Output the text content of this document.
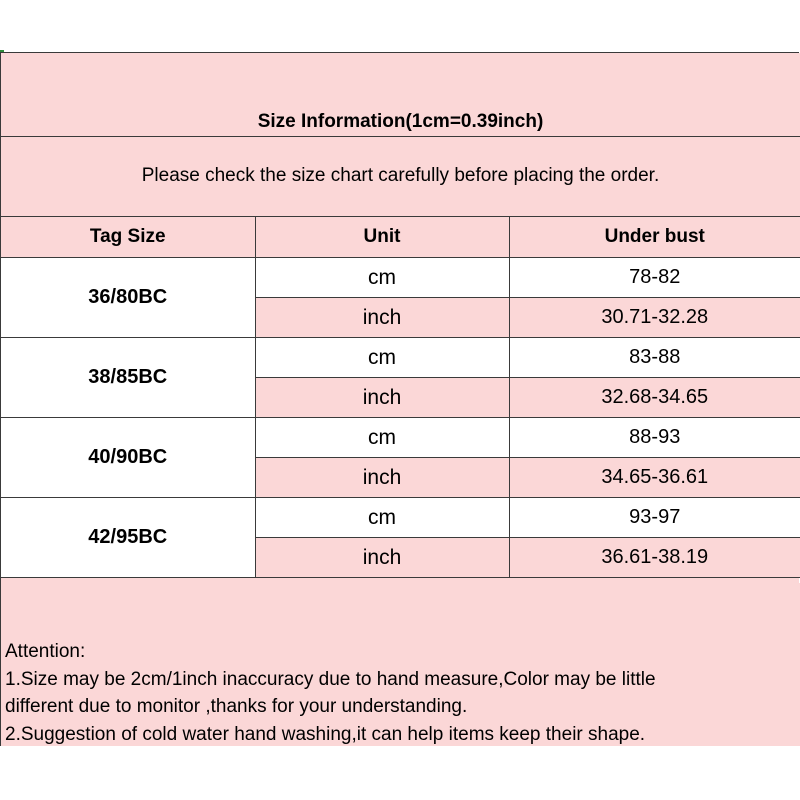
Size Information(1cm=0.39inch)
Please check the size chart carefully before placing the order.
Tag Size	Unit	Under bust
36/80BC	cm	78-82
	inch	30.71-32.28
38/85BC	cm	83-88
	inch	32.68-34.65
40/90BC	cm	88-93
	inch	34.65-36.61
42/95BC	cm	93-97
	inch	36.61-38.19

Attention:

1.Size may be 2cm/1inch inaccuracy due to hand measure,Color may be little

different due to monitor ,thanks for your understanding.

2.Suggestion of cold water hand washing,it can help items keep their shape.
